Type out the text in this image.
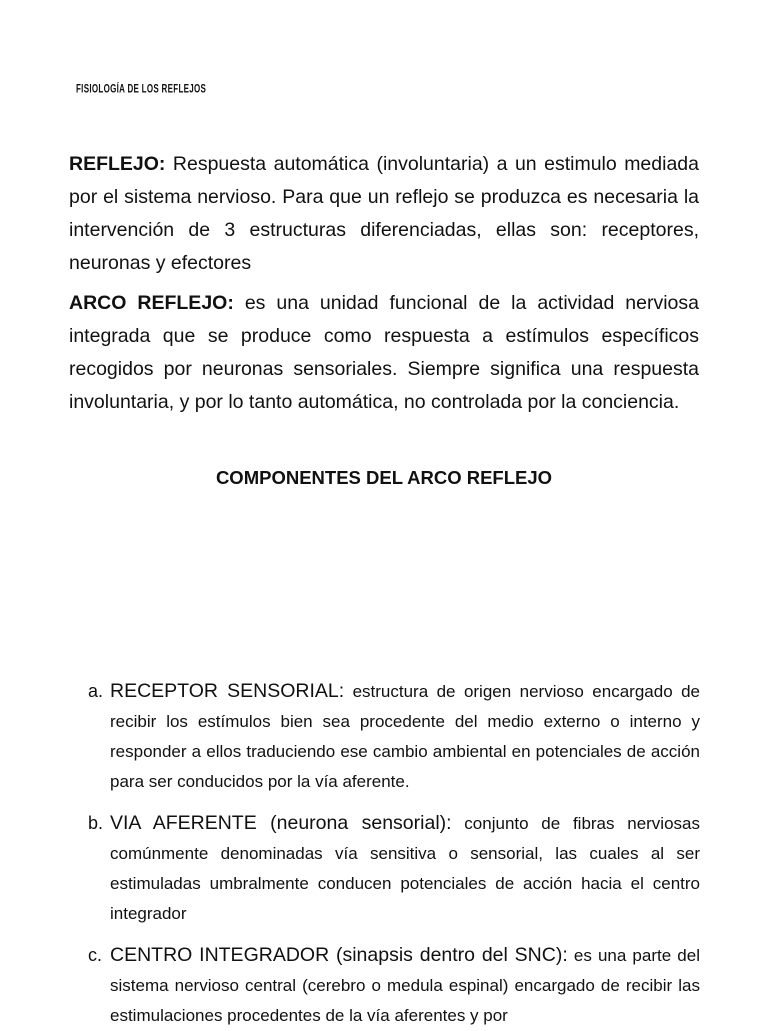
FISIOLOGÍA DE LOS REFLEJOS

REFLEJO: Respuesta automática (involuntaria) a un estimulo mediada por el sistema nervioso. Para que un reflejo se produzca es necesaria la intervención de 3 estructuras diferenciadas, ellas son: receptores, neuronas y efectores

ARCO REFLEJO: es una unidad funcional de la actividad nerviosa integrada que se produce como respuesta a estímulos específicos recogidos por neuronas sensoriales. Siempre significa una respuesta involuntaria, y por lo tanto automática, no controlada por la conciencia.

COMPONENTES DEL ARCO REFLEJO
a. RECEPTOR SENSORIAL: estructura de origen nervioso encargado de recibir los estímulos bien sea procedente del medio externo o interno y responder a ellos traduciendo ese cambio ambiental en potenciales de acción para ser conducidos por la vía aferente.
b. VIA AFERENTE (neurona sensorial): conjunto de fibras nerviosas comúnmente denominadas vía sensitiva o sensorial, las cuales al ser estimuladas umbralmente conducen potenciales de acción hacia el centro integrador
c. CENTRO INTEGRADOR (sinapsis dentro del SNC): es una parte del sistema nervioso central (cerebro o medula espinal) encargado de recibir las estimulaciones procedentes de la vía aferentes y por
